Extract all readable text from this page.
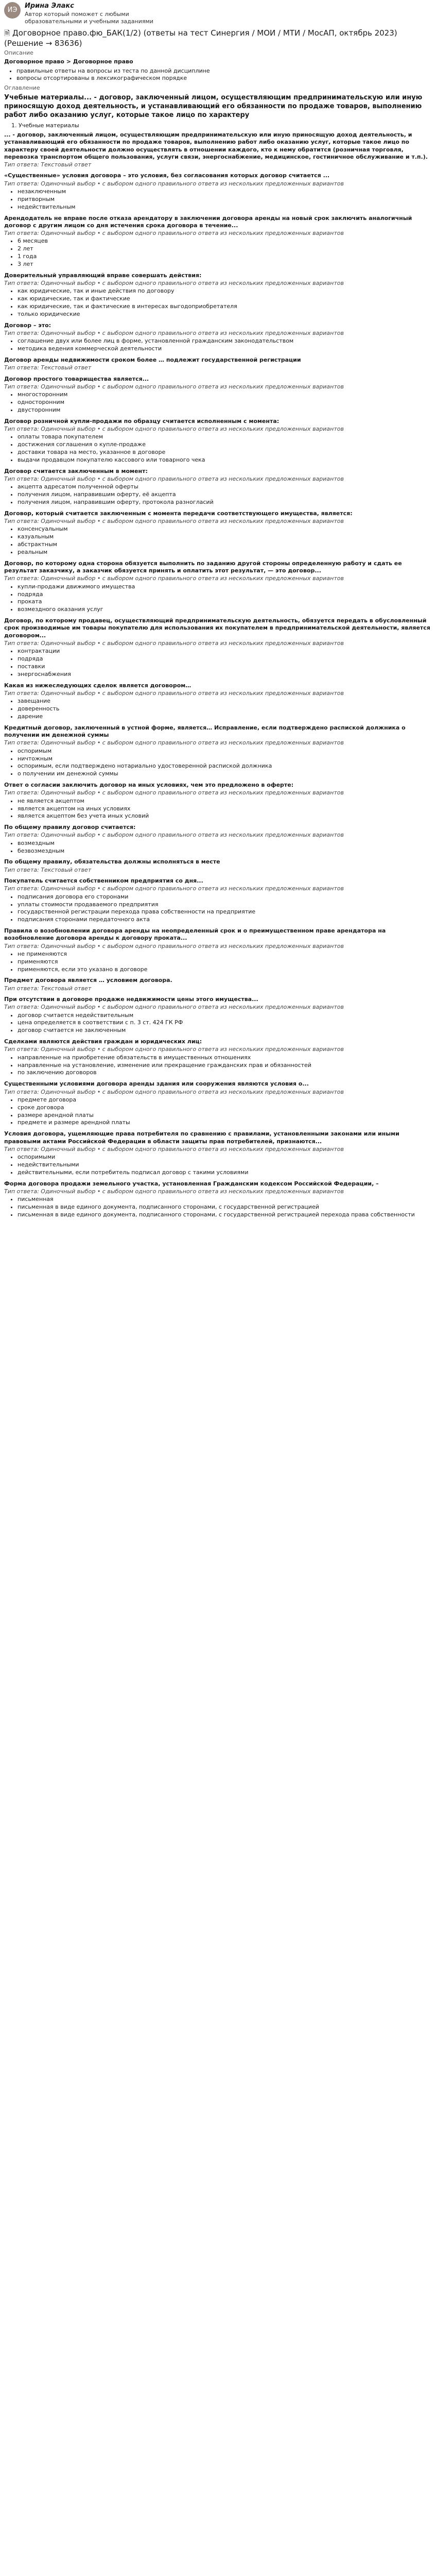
ИЭ
Ирина Элакс
Автор который поможет с любыми образовательными и учебными заданиями
🗎 Договорное право.фю_БАК(1/2) (ответы на тест Синергия / МОИ / МТИ / МосАП, октябрь 2023) (Решение → 83636)
Описание
Договорное право > Договорное право
• правильные ответы на вопросы из теста по данной дисциплине
• вопросы отсортированы в лексикографическом порядке
Оглавление
Учебные материалы... - договор, заключенный лицом, осуществляющим предпринимательскую или иную приносящую доход деятельность, и устанавливающий его обязанности по продаже товаров, выполнению работ либо оказанию услуг, которые такое лицо по характеру
1. Учебные материалы
... - договор, заключенный лицом, осуществляющим предпринимательскую или иную приносящую доход деятельность, и устанавливающий его обязанности по продаже товаров, выполнению работ либо оказанию услуг, которые такое лицо по характеру своей деятельности должно осуществлять в отношении каждого, кто к нему обратится (розничная торговля, перевозка транспортом общего пользования, услуги связи, энергоснабжение, медицинское, гостиничное обслуживание и т.п.).
Тип ответа: Текстовый ответ
«Существенные» условия договора – это условия, без согласования которых договор считается ...
Тип ответа: Одиночный выбор • с выбором одного правильного ответа из нескольких предложенных вариантов
• незаключенным
• притворным
• недействительным
Арендодатель не вправе после отказа арендатору в заключении договора аренды на новый срок заключить аналогичный договор с другим лицом со дня истечения срока договора в течение...
Тип ответа: Одиночный выбор • с выбором одного правильного ответа из нескольких предложенных вариантов
• 6 месяцев
• 2 лет
• 1 года
• 3 лет
Доверительный управляющий вправе совершать действия:
Тип ответа: Одиночный выбор • с выбором одного правильного ответа из нескольких предложенных вариантов
• как юридические, так и иные действия по договору
• как юридические, так и фактические
• как юридические, так и фактические в интересах выгодоприобретателя
• только юридические
Договор – это:
Тип ответа: Одиночный выбор • с выбором одного правильного ответа из нескольких предложенных вариантов
• соглашение двух или более лиц в форме, установленной гражданским законодательством
• методика ведения коммерческой деятельности
Договор аренды недвижимости сроком более … подлежит государственной регистрации
Тип ответа: Текстовый ответ
Договор простого товарищества является...
Тип ответа: Одиночный выбор • с выбором одного правильного ответа из нескольких предложенных вариантов
• многосторонним
• односторонним
• двусторонним
Договор розничной купли-продажи по образцу считается исполненным с момента:
Тип ответа: Одиночный выбор • с выбором одного правильного ответа из нескольких предложенных вариантов
• оплаты товара покупателем
• достижения соглашения о купле-продаже
• доставки товара на место, указанное в договоре
• выдачи продавцом покупателю кассового или товарного чека
Договор считается заключенным в момент:
Тип ответа: Одиночный выбор • с выбором одного правильного ответа из нескольких предложенных вариантов
• акцепта адресатом полученной оферты
• получения лицом, направившим оферту, её акцепта
• получения лицом, направившим оферту, протокола разногласий
Договор, который считается заключенным с момента передачи соответствующего имущества, является:
Тип ответа: Одиночный выбор • с выбором одного правильного ответа из нескольких предложенных вариантов
• консенсуальным
• казуальным
• абстрактным
• реальным
Договор, по которому одна сторона обязуется выполнить по заданию другой стороны определенную работу и сдать ее результат заказчику, а заказчик обязуется принять и оплатить этот результат, — это договор...
Тип ответа: Одиночный выбор • с выбором одного правильного ответа из нескольких предложенных вариантов
• купли-продажи движимого имущества
• подряда
• проката
• возмездного оказания услуг
Договор, по которому продавец, осуществляющий предпринимательскую деятельность, обязуется передать в обусловленный срок производимые им товары покупателю для использования их покупателем в предпринимательской деятельности, является договором...
Тип ответа: Одиночный выбор • с выбором одного правильного ответа из нескольких предложенных вариантов
• контрактации
• подряда
• поставки
• энергоснабжения
Какая из нижеследующих сделок является договором…
Тип ответа: Одиночный выбор • с выбором одного правильного ответа из нескольких предложенных вариантов
• завещание
• доверенность
• дарение
Кредитный договор, заключенный в устной форме, является… Исправление, если подтверждено распиской должника о получении им денежной суммы
Тип ответа: Одиночный выбор • с выбором одного правильного ответа из нескольких предложенных вариантов
• оспоримым
• ничтожным
• оспоримым, если подтверждено нотариально удостоверенной распиской должника
• о получении им денежной суммы
Ответ о согласии заключить договор на иных условиях, чем это предложено в оферте:
Тип ответа: Одиночный выбор • с выбором одного правильного ответа из нескольких предложенных вариантов
• не является акцептом
• является акцептом на иных условиях
• является акцептом без учета иных условий
По общему правилу договор считается:
Тип ответа: Одиночный выбор • с выбором одного правильного ответа из нескольких предложенных вариантов
• возмездным
• безвозмездным
По общему правилу, обязательства должны исполняться в месте
Тип ответа: Текстовый ответ
Покупатель считается собственником предприятия со дня...
Тип ответа: Одиночный выбор • с выбором одного правильного ответа из нескольких предложенных вариантов
• подписания договора его сторонами
• уплаты стоимости продаваемого предприятия
• государственной регистрации перехода права собственности на предприятие
• подписания сторонами передаточного акта
Правила о возобновлении договора аренды на неопределенный срок и о преимущественном праве арендатора на возобновление договора аренды к договору проката...
Тип ответа: Одиночный выбор • с выбором одного правильного ответа из нескольких предложенных вариантов
• не применяются
• применяются
• применяются, если это указано в договоре
Предмет договора является … условием договора.
Тип ответа: Текстовый ответ
При отсутствии в договоре продаже недвижимости цены этого имущества...
Тип ответа: Одиночный выбор • с выбором одного правильного ответа из нескольких предложенных вариантов
• договор считается недействительным
• цена определяется в соответствии с п. 3 ст. 424 ГК РФ
• договор считается не заключенным
Сделками являются действия граждан и юридических лиц:
Тип ответа: Одиночный выбор • с выбором одного правильного ответа из нескольких предложенных вариантов
• направленные на приобретение обязательств в имущественных отношениях
• направленные на установление, изменение или прекращение гражданских прав и обязанностей
• по заключению договоров
Существенными условиями договора аренды здания или сооружения являются условия о...
Тип ответа: Одиночный выбор • с выбором одного правильного ответа из нескольких предложенных вариантов
• предмете договора
• сроке договора
• размере арендной платы
• предмете и размере арендной платы
Условия договора, ущемляющие права потребителя по сравнению с правилами, установленными законами или иными правовыми актами Российской Федерации в области защиты прав потребителей, признаются...
Тип ответа: Одиночный выбор • с выбором одного правильного ответа из нескольких предложенных вариантов
• оспоримыми
• недействительными
• действительными, если потребитель подписал договор с такими условиями
Форма договора продажи земельного участка, установленная Гражданским кодексом Российской Федерации, –
Тип ответа: Одиночный выбор • с выбором одного правильного ответа из нескольких предложенных вариантов
• письменная
• письменная в виде единого документа, подписанного сторонами, с государственной регистрацией
• письменная в виде единого документа, подписанного сторонами, с государственной регистрацией перехода права собственности
